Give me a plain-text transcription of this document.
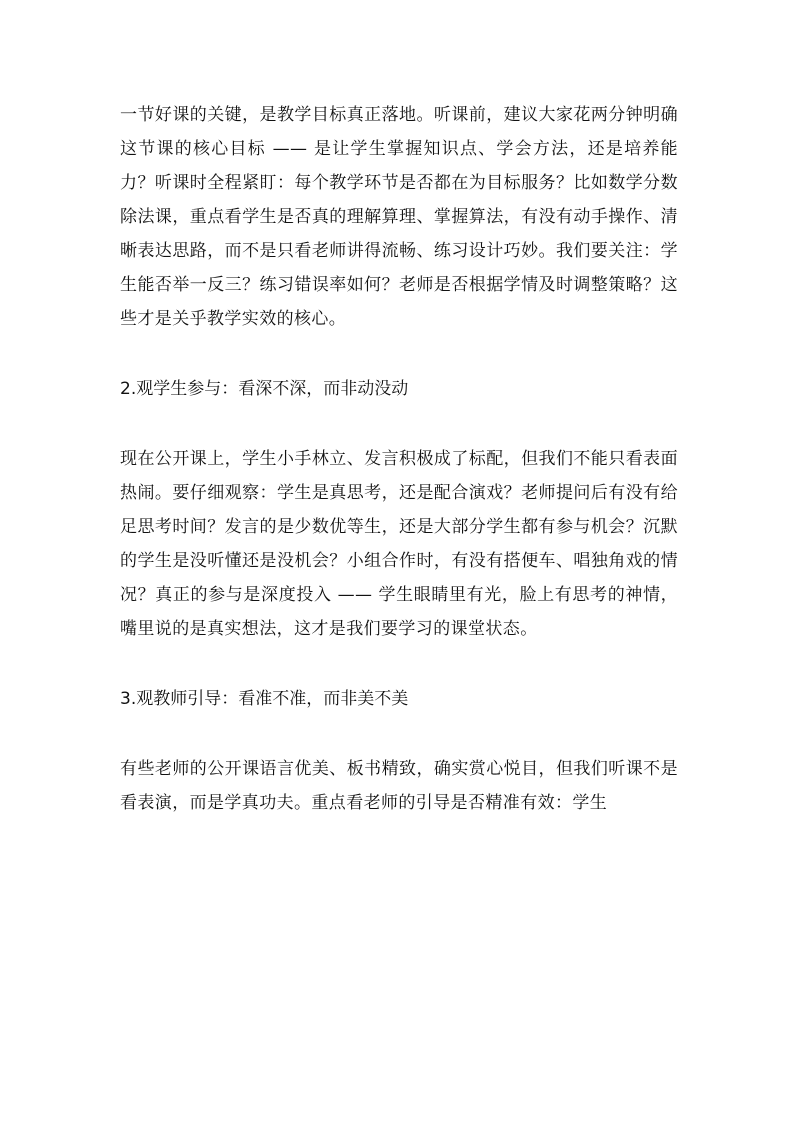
一节好课的关键，是教学目标真正落地。听课前，建议大家花两分钟明确这节课的核心目标 —— 是让学生掌握知识点、学会方法，还是培养能力？听课时全程紧盯：每个教学环节是否都在为目标服务？比如数学分数除法课，重点看学生是否真的理解算理、掌握算法，有没有动手操作、清晰表达思路，而不是只看老师讲得流畅、练习设计巧妙。我们要关注：学生能否举一反三？练习错误率如何？老师是否根据学情及时调整策略？这些才是关乎教学实效的核心。

2.观学生参与：看深不深，而非动没动

现在公开课上，学生小手林立、发言积极成了标配，但我们不能只看表面热闹。要仔细观察：学生是真思考，还是配合演戏？老师提问后有没有给足思考时间？发言的是少数优等生，还是大部分学生都有参与机会？沉默的学生是没听懂还是没机会？小组合作时，有没有搭便车、唱独角戏的情况？真正的参与是深度投入 —— 学生眼睛里有光，脸上有思考的神情，嘴里说的是真实想法，这才是我们要学习的课堂状态。

3.观教师引导：看准不准，而非美不美

有些老师的公开课语言优美、板书精致，确实赏心悦目，但我们听课不是看表演，而是学真功夫。重点看老师的引导是否精准有效：学生
